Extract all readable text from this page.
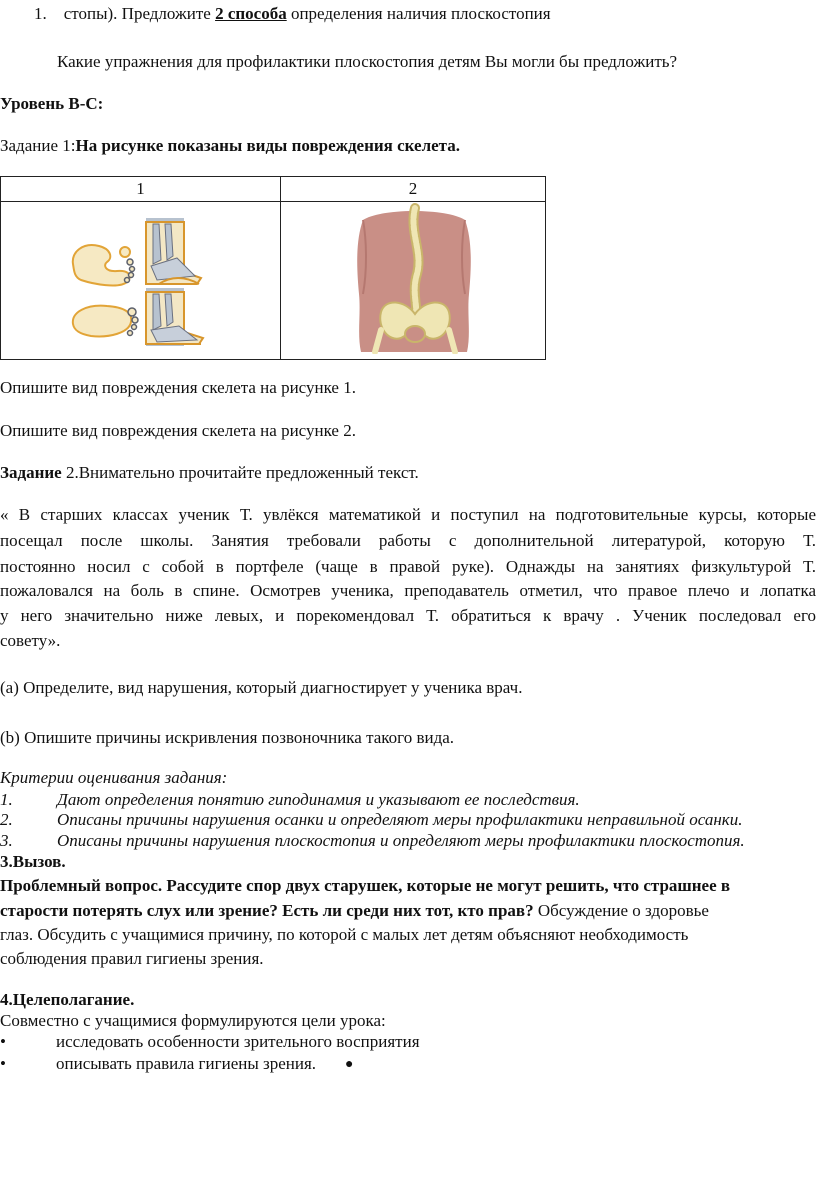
1. стопы). Предложите 2 способа определения наличия плоскостопия
Какие упражнения для профилактики плоскостопия детям Вы могли бы предложить?
Уровень В-С:
Задание 1:На рисунке показаны виды повреждения скелета.
1	2

Опишите вид повреждения скелета на рисунке 1.
Опишите вид повреждения скелета на рисунке 2.
Задание 2.Внимательно прочитайте предложенный текст.
« В старших классах ученик Т. увлёкся математикой и поступил на подготовительные курсы, которые
посещал после школы. Занятия требовали работы с дополнительной литературой, которую Т.
постоянно носил с собой в портфеле (чаще в правой руке). Однажды на занятиях физкультурой Т.
пожаловался на боль в спине. Осмотрев ученика, преподаватель отметил, что правое плечо и лопатка
у него значительно ниже левых, и порекомендовал Т. обратиться к врачу . Ученик последовал его
совету».
(a) Определите, вид нарушения, который диагностирует у ученика врач.
(b) Опишите причины искривления позвоночника такого вида.
Критерии оценивания задания:
1.	Дают определения понятию гиподинамия и указывают ее последствия.
2.	Описаны причины нарушения осанки и определяют меры профилактики неправильной осанки.
3.	Описаны причины нарушения плоскостопия и определяют меры профилактики плоскостопия.
3.Вызов.
Проблемный вопрос. Рассудите спор двух старушек, которые не могут решить, что страшнее в
старости потерять слух или зрение? Есть ли среди них тот, кто прав? Обсуждение о здоровье
глаз. Обсудить с учащимися причину, по которой с малых лет детям объясняют необходимость
соблюдения правил гигиены зрения.
4.Целеполагание.
Совместно с учащимися формулируются цели урока:
•	исследовать особенности зрительного восприятия
•	описывать правила гигиены зрения. ●
